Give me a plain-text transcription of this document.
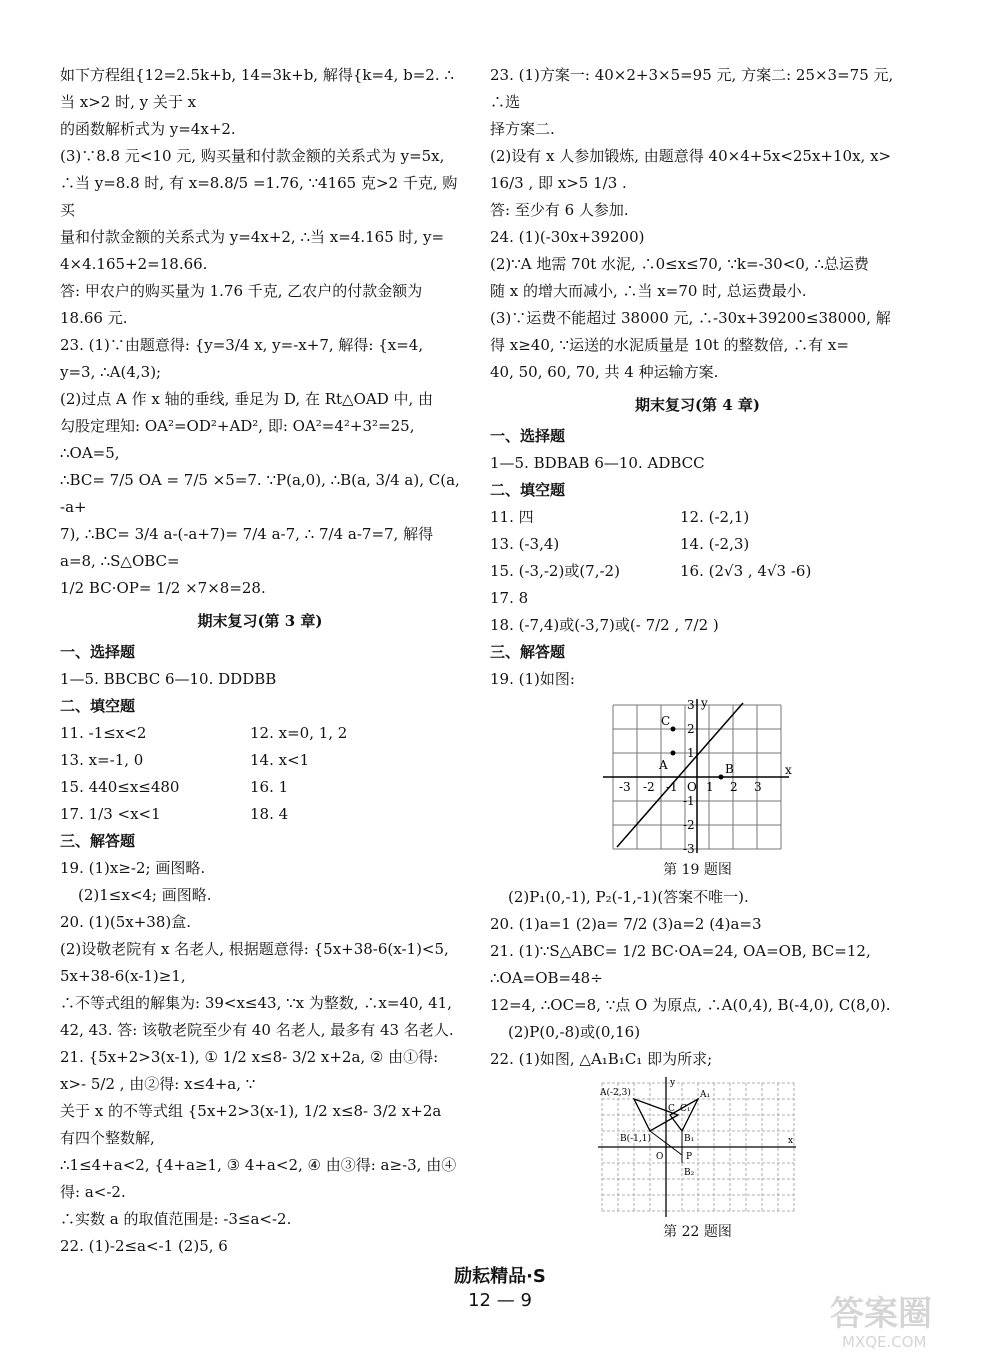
如下方程组{12=2.5k+b, 14=3k+b, 解得{k=4, b=2. ∴当 x>2 时, y 关于 x

的函数解析式为 y=4x+2.

(3)∵8.8 元<10 元, 购买量和付款金额的关系式为 y=5x,

∴当 y=8.8 时, 有 x=8.8/5 =1.76, ∵4165 克>2 千克, 购买

量和付款金额的关系式为 y=4x+2, ∴当 x=4.165 时, y=

4×4.165+2=18.66.

答: 甲农户的购买量为 1.76 千克, 乙农户的付款金额为

18.66 元.

23. (1)∵由题意得: {y=3/4 x, y=-x+7, 解得: {x=4, y=3, ∴A(4,3);

(2)过点 A 作 x 轴的垂线, 垂足为 D, 在 Rt△OAD 中, 由

勾股定理知: OA²=OD²+AD², 即: OA²=4²+3²=25, ∴OA=5,

∴BC= 7/5 OA = 7/5 ×5=7. ∵P(a,0), ∴B(a, 3/4 a), C(a, -a+

7), ∴BC= 3/4 a-(-a+7)= 7/4 a-7, ∴ 7/4 a-7=7, 解得 a=8, ∴S△OBC=

1/2 BC·OP= 1/2 ×7×8=28.

期末复习(第 3 章)

一、选择题

1—5. BBCBC 6—10. DDDBB

二、填空题

11. -1≤x<2	12. x=0, 1, 2
13. x=-1, 0	14. x<1
15. 440≤x≤480	16. 1
17. 1/3 <x<1	18. 4

三、解答题

19. (1)x≥-2; 画图略.

(2)1≤x<4; 画图略.

20. (1)(5x+38)盒.

(2)设敬老院有 x 名老人, 根据题意得: {5x+38-6(x-1)<5, 5x+38-6(x-1)≥1,

∴不等式组的解集为: 39<x≤43, ∵x 为整数, ∴x=40, 41,

42, 43. 答: 该敬老院至少有 40 名老人, 最多有 43 名老人.

21. {5x+2>3(x-1), ① 1/2 x≤8- 3/2 x+2a, ② 由①得: x>- 5/2 , 由②得: x≤4+a, ∵

关于 x 的不等式组 {5x+2>3(x-1), 1/2 x≤8- 3/2 x+2a 有四个整数解,

∴1≤4+a<2, {4+a≥1, ③ 4+a<2, ④ 由③得: a≥-3, 由④得: a<-2.

∴实数 a 的取值范围是: -3≤a<-2.

22. (1)-2≤a<-1 (2)5, 6

23. (1)方案一: 40×2+3×5=95 元, 方案二: 25×3=75 元, ∴选

择方案二.

(2)设有 x 人参加锻炼, 由题意得 40×4+5x<25x+10x, x>

16/3 , 即 x>5 1/3 .

答: 至少有 6 人参加.

24. (1)(-30x+39200)

(2)∵A 地需 70t 水泥, ∴0≤x≤70, ∵k=-30<0, ∴总运费

随 x 的增大而减小, ∴当 x=70 时, 总运费最小.

(3)∵运费不能超过 38000 元, ∴-30x+39200≤38000, 解

得 x≥40, ∵运送的水泥质量是 10t 的整数倍, ∴有 x=

40, 50, 60, 70, 共 4 种运输方案.

期末复习(第 4 章)

一、选择题

1—5. BDBAB 6—10. ADBCC

二、填空题

11. 四	12. (-2,1)
13. (-3,4)	14. (-2,3)
15. (-3,-2)或(7,-2)	16. (2√3 , 4√3 -6)

17. 8

18. (-7,4)或(-3,7)或(- 7/2 , 7/2 )

三、解答题

19. (1)如图:

C
A	B	x
y
-3 -2 -1 O 1 2 3
3
2
1
-1
-2
-3

第 19 题图

(2)P₁(0,-1), P₂(-1,-1)(答案不唯一).

20. (1)a=1 (2)a= 7/2 (3)a=2 (4)a=3

21. (1)∵S△ABC= 1/2 BC·OA=24, OA=OB, BC=12, ∴OA=OB=48÷

12=4, ∴OC=8, ∵点 O 为原点, ∴A(0,4), B(-4,0), C(8,0).

(2)P(0,-8)或(0,16)

22. (1)如图, △A₁B₁C₁ 即为所求;

A(-2,3)	A₁
C C₁
B(-1,1)	B₁
O	P
B₂
x
y

第 22 题图

励耘精品·S
12 — 9	答案圈
MXQE.COM
